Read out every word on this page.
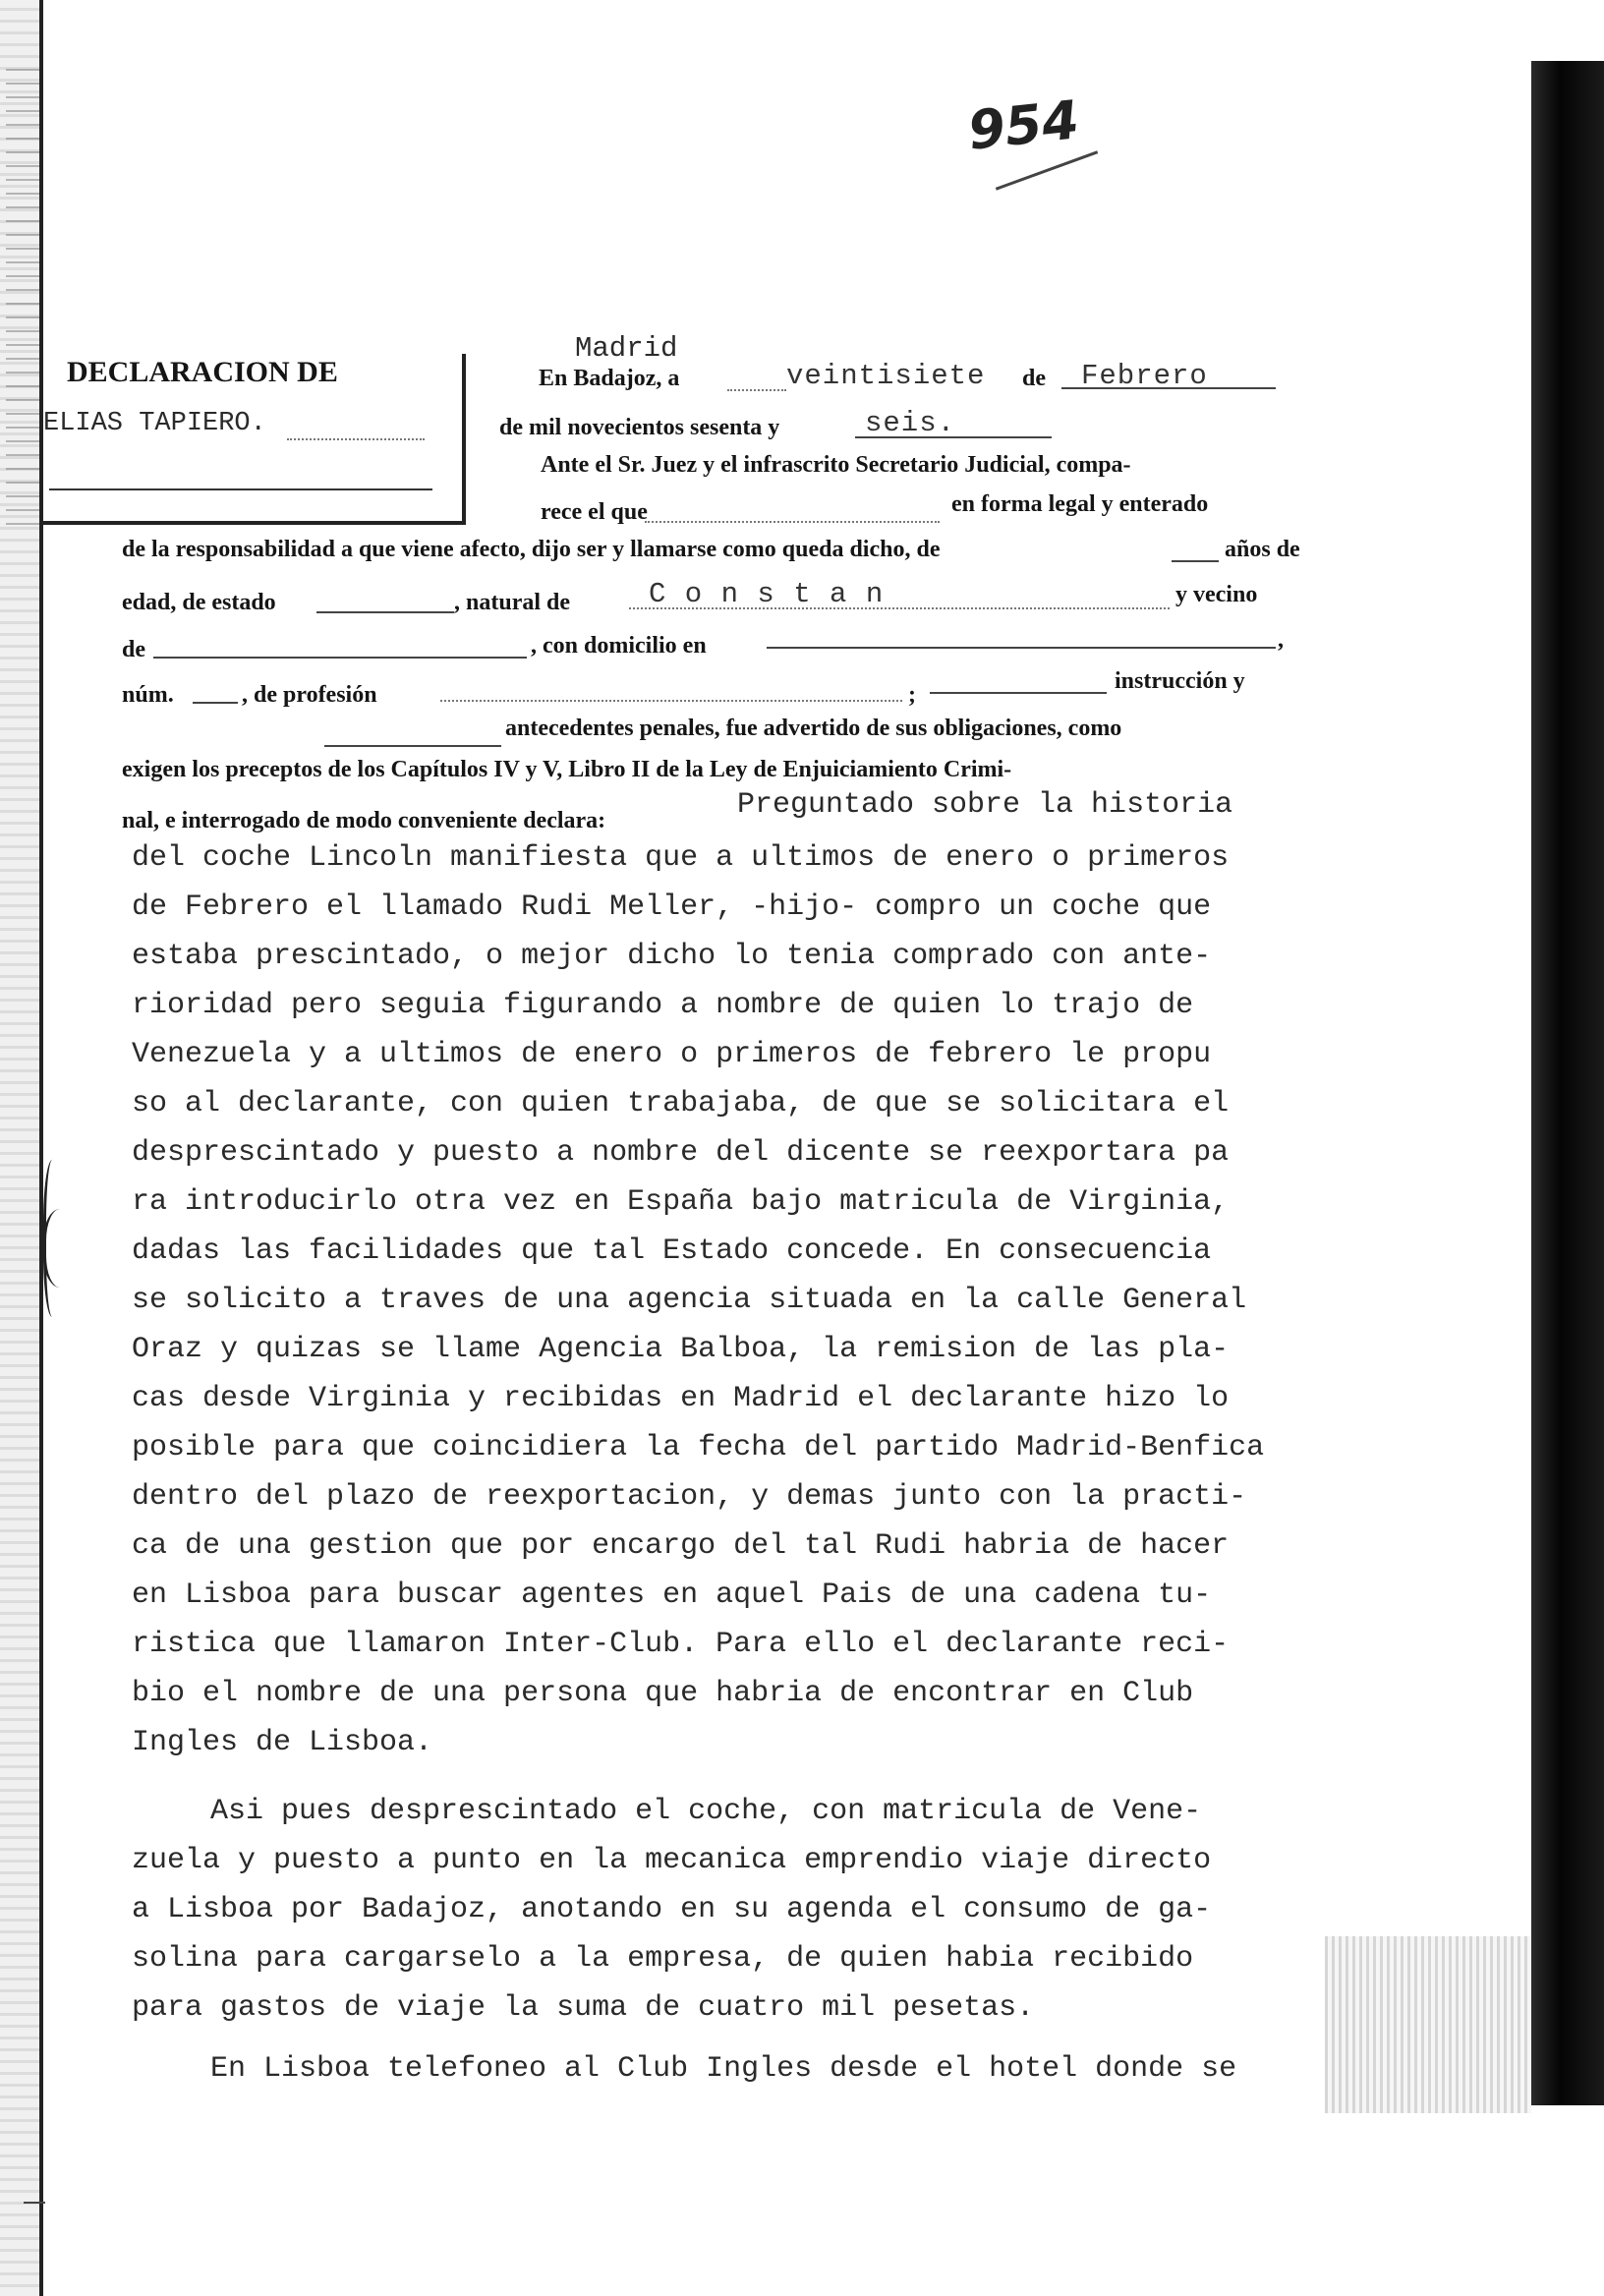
954
DECLARACION DE
ELIAS TAPIERO.
Madrid
En Badajoz, a	veintisiete de Febrero
de mil novecientos sesenta y	seis.
Ante el Sr. Juez y el infrascrito Secretario Judicial, compa-
rece el que	en forma legal y enterado
de la responsabilidad a que viene afecto, dijo ser y llamarse como queda dicho, de	años de
edad, de estado	, natural de	C o n s t a n	y vecino
de	, con domicilio en	,
núm.	, de profesión	;
instrucción y
antecedentes penales, fue advertido de sus obligaciones, como
exigen los preceptos de los Capítulos IV y V, Libro II de la Ley de Enjuiciamiento Crimi-
nal, e interrogado de modo conveniente declara:	Preguntado sobre la historia
del coche Lincoln manifiesta que a ultimos de enero o primeros
de Febrero el llamado Rudi Meller, -hijo- compro un coche que
estaba prescintado, o mejor dicho lo tenia comprado con ante-
rioridad pero seguia figurando a nombre de quien lo trajo de
Venezuela y a ultimos de enero o primeros de febrero le propu
so al declarante, con quien trabajaba, de que se solicitara el
desprescintado y puesto a nombre del dicente se reexportara pa
ra introducirlo otra vez en España bajo matricula de Virginia,
dadas las facilidades que tal Estado concede. En consecuencia
se solicito a traves de una agencia situada en la calle General
Oraz y quizas se llame Agencia Balboa, la remision de las pla-
cas desde Virginia y recibidas en Madrid el declarante hizo lo
posible para que coincidiera la fecha del partido Madrid-Benfica
dentro del plazo de reexportacion, y demas junto con la practi-
ca de una gestion que por encargo del tal Rudi habria de hacer
en Lisboa para buscar agentes en aquel Pais de una cadena tu-
ristica que llamaron Inter-Club. Para ello el declarante reci-
bio el nombre de una persona que habria de encontrar en Club
Ingles de Lisboa.
Asi pues desprescintado el coche, con matricula de Vene-
zuela y puesto a punto en la mecanica emprendio viaje directo
a Lisboa por Badajoz, anotando en su agenda el consumo de ga-
solina para cargarselo a la empresa, de quien habia recibido
para gastos de viaje la suma de cuatro mil pesetas.
En Lisboa telefoneo al Club Ingles desde el hotel donde se
